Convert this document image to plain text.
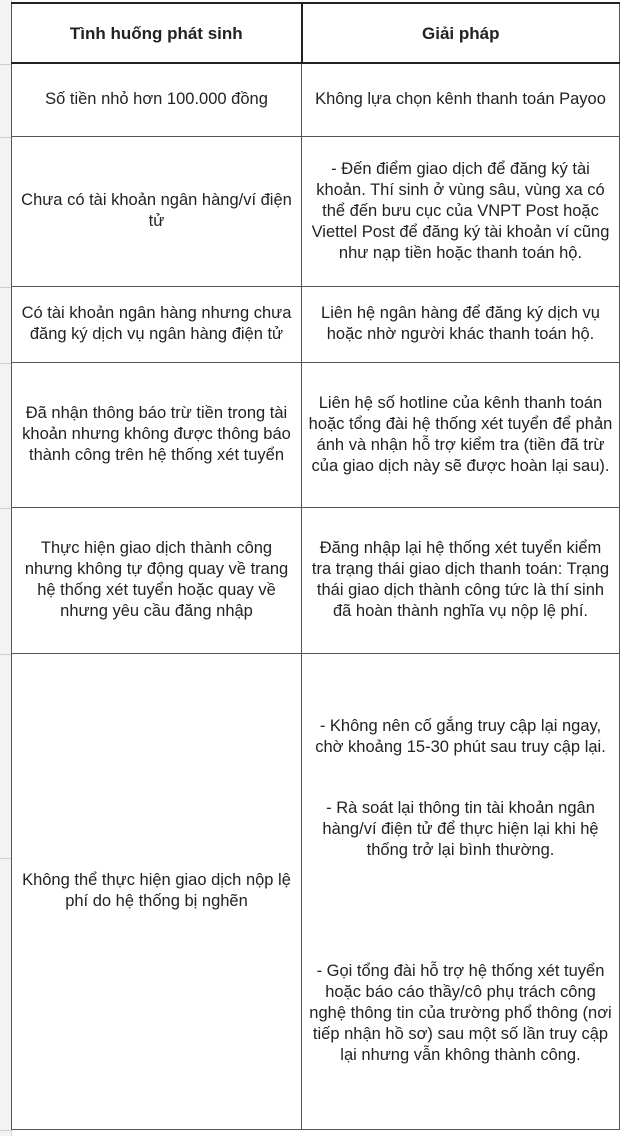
Tình huống phát sinh	Giải pháp
Số tiền nhỏ hơn 100.000 đồng	Không lựa chọn kênh thanh toán Payoo

Chưa có tài khoản ngân hàng/ví điện tử	- Đến điểm giao dịch để đăng ký tài khoản. Thí sinh ở vùng sâu, vùng xa có thể đến bưu cục của VNPT Post hoặc Viettel Post để đăng ký tài khoản ví cũng như nạp tiền hoặc thanh toán hộ.

Có tài khoản ngân hàng nhưng chưa đăng ký dịch vụ ngân hàng điện tử	Liên hệ ngân hàng để đăng ký dịch vụ hoặc nhờ người khác thanh toán hộ.

Đã nhận thông báo trừ tiền trong tài khoản nhưng không được thông báo thành công trên hệ thống xét tuyển	Liên hệ số hotline của kênh thanh toán hoặc tổng đài hệ thống xét tuyển để phản ánh và nhận hỗ trợ kiểm tra (tiền đã trừ của giao dịch này sẽ được hoàn lại sau).

Thực hiện giao dịch thành công nhưng không tự động quay về trang hệ thống xét tuyển hoặc quay về nhưng yêu cầu đăng nhập	Đăng nhập lại hệ thống xét tuyển kiểm tra trạng thái giao dịch thanh toán: Trạng thái giao dịch thành công tức là thí sinh đã hoàn thành nghĩa vụ nộp lệ phí.

Không thể thực hiện giao dịch nộp lệ phí do hệ thống bị nghẽn	- Không nên cố gắng truy cập lại ngay, chờ khoảng 15-30 phút sau truy cập lại.

- Rà soát lại thông tin tài khoản ngân hàng/ví điện tử để thực hiện lại khi hệ thống trở lại bình thường.

- Gọi tổng đài hỗ trợ hệ thống xét tuyển hoặc báo cáo thầy/cô phụ trách công nghệ thông tin của trường phổ thông (nơi tiếp nhận hồ sơ) sau một số lần truy cập lại nhưng vẫn không thành công.
